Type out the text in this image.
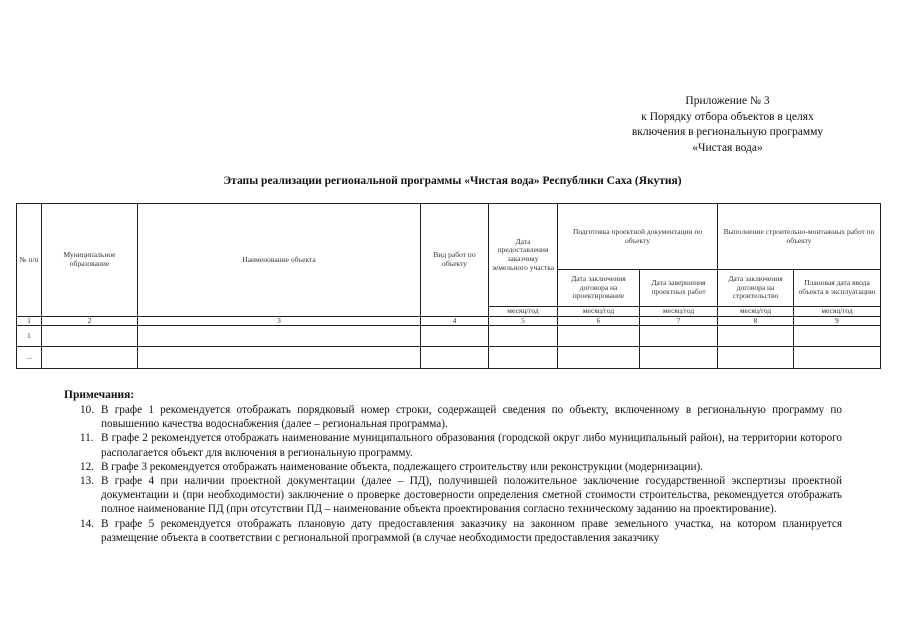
Приложение № 3
к Порядку отбора объектов в целях
включения в региональную программу
«Чистая вода»
Этапы реализации региональной программы «Чистая вода» Республики Саха (Якутия)
№ п/п	Муниципальное образование	Наименование объекта	Вид работ по объекту	Дата предоставления заказчику земельного участка	Подготовка проектной документации по объекту		Выполнение строительно-монтажных работ по объекту	
					Дата заключения договора на проектирование	Дата завершения проектных работ	Дата заключения договора на строительство	Плановая дата ввода объекта в эксплуатацию
				месяц/год	месяц/год	месяц/год	месяц/год	месяц/год
1	2	3	4	5	6	7	8	9
1								
...								
Примечания:
10. В графе 1 рекомендуется отображать порядковый номер строки, содержащей сведения по объекту, включенному в региональную программу по повышению качества водоснабжения (далее – региональная программа).
11. В графе 2 рекомендуется отображать наименование муниципального образования (городской округ либо муниципальный район), на территории которого располагается объект для включения в региональную программу.
12. В графе 3 рекомендуется отображать наименование объекта, подлежащего строительству или реконструкции (модернизации).
13. В графе 4 при наличии проектной документации (далее – ПД), получившей положительное заключение государственной экспертизы проектной документации и (при необходимости) заключение о проверке достоверности определения сметной стоимости строительства, рекомендуется отображать полное наименование ПД (при отсутствии ПД – наименование объекта проектирования согласно техническому заданию на проектирование).
14. В графе 5 рекомендуется отображать плановую дату предоставления заказчику на законном праве земельного участка, на котором планируется размещение объекта в соответствии с региональной программой (в случае необходимости предоставления заказчику
